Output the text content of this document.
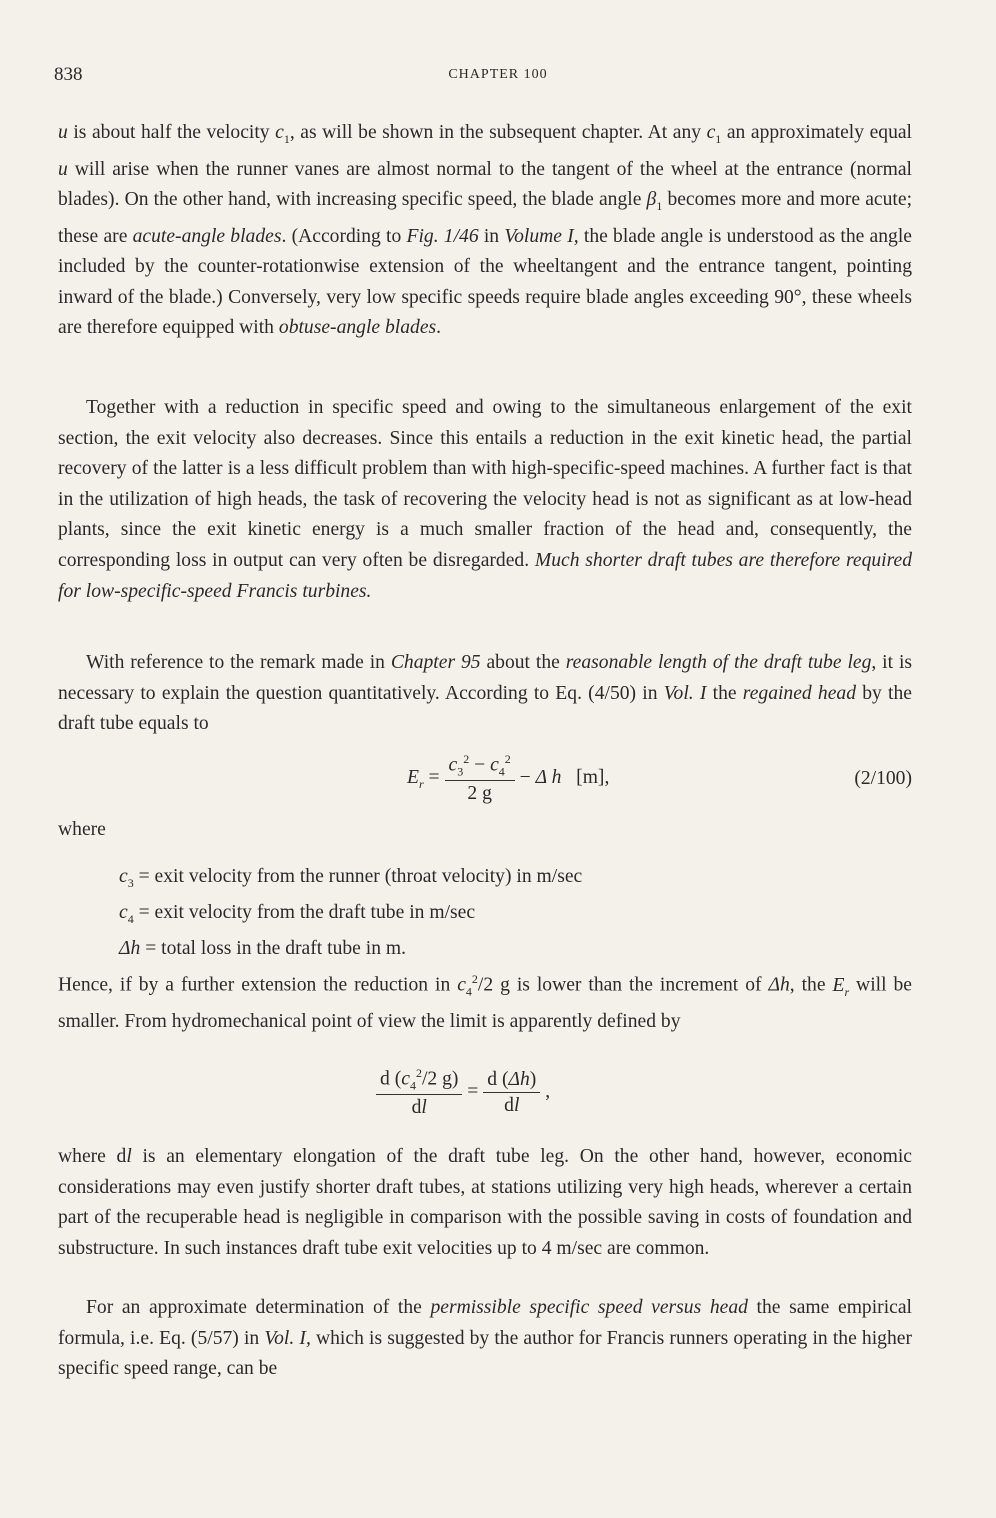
838	CHAPTER 100

u is about half the velocity $c_1$, as will be shown in the subsequent chapter. At any $c_1$ an approximately equal u will arise when the runner vanes are almost normal to the tangent of the wheel at the entrance (normal blades). On the other hand, with increasing specific speed, the blade angle $\beta_1$ becomes more and more acute; these are acute-angle blades. (According to Fig. 1/46 in Volume I, the blade angle is understood as the angle included by the counter-rotationwise extension of the wheeltangent and the entrance tangent, pointing inward of the blade.) Conversely, very low specific speeds require blade angles exceeding 90°, these wheels are therefore equipped with obtuse-angle blades.

Together with a reduction in specific speed and owing to the simultaneous enlargement of the exit section, the exit velocity also decreases. Since this entails a reduction in the exit kinetic head, the partial recovery of the latter is a less difficult problem than with high-specific-speed machines. A further fact is that in the utilization of high heads, the task of recovering the velocity head is not as significant as at low-head plants, since the exit kinetic energy is a much smaller fraction of the head and, consequently, the corresponding loss in output can very often be disregarded. Much shorter draft tubes are therefore required for low-specific-speed Francis turbines.

With reference to the remark made in Chapter 95 about the reasonable length of the draft tube leg, it is necessary to explain the question quantitatively. According to Eq. (4/50) in Vol. I the regained head by the draft tube equals to

$E_r = \frac{c_3^2 - c_4^2}{2 g} - \Delta$ h [m],	(2/100)

where

$c_3$ = exit velocity from the runner (throat velocity) in m/sec
$c_4$ = exit velocity from the draft tube in m/sec
Δh = total loss in the draft tube in m.

Hence, if by a further extension the reduction in $c_4^2/2$ g is lower than the increment of Δh, the $E_r$ will be smaller. From hydromechanical point of view the limit is apparently defined by

$\frac{d (c_4^2/2 g)}{dl} = \frac{d (\Delta h)}{dl}$ ,

where dl is an elementary elongation of the draft tube leg. On the other hand, however, economic considerations may even justify shorter draft tubes, at stations utilizing very high heads, wherever a certain part of the recuperable head is negligible in comparison with the possible saving in costs of foundation and substructure. In such instances draft tube exit velocities up to 4 m/sec are common.

For an approximate determination of the permissible specific speed versus head the same empirical formula, i.e. Eq. (5/57) in Vol. I, which is suggested by the author for Francis runners operating in the higher specific speed range, can be
